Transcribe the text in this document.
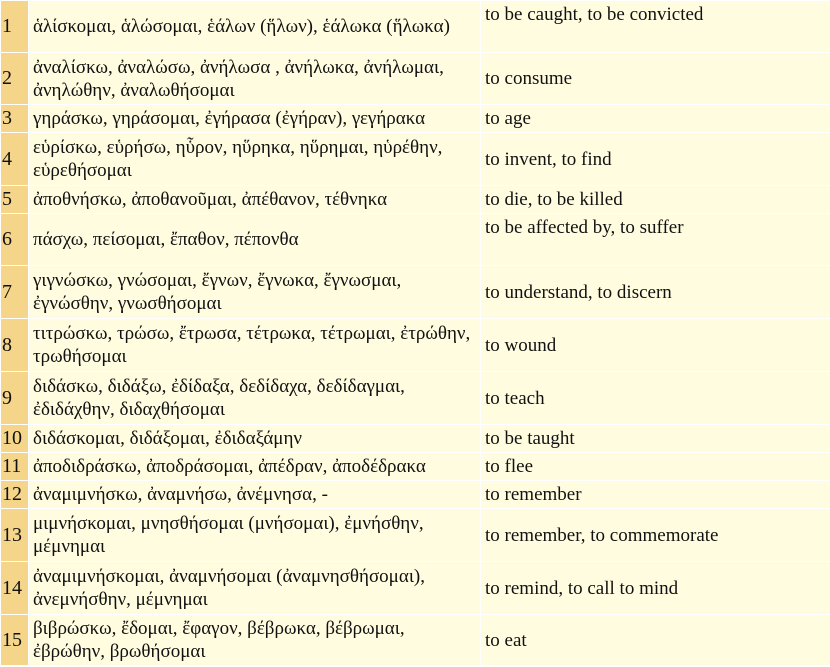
1	ἁλίσκομαι, ἁλώσομαι, ἑάλων (ἥλων), ἑάλωκα (ἥλωκα)	to be caught, to be convicted
2	ἀναλίσκω, ἀναλώσω, ἀνήλωσα , ἀνήλωκα, ἀνήλωμαι, ἀνηλώθην, ἀναλωθήσομαι	to consume
3	γηράσκω, γηράσομαι, ἐγήρασα (ἐγήραν), γεγήρακα	to age
4	εὑρίσκω, εὑρήσω, ηὗρον, ηὕρηκα, ηὕρημαι, ηὑρέθην, εὑρεθήσομαι	to invent, to find
5	ἀποθνήσκω, ἀποθανοῦμαι, ἀπέθανον, τέθνηκα	to die, to be killed
6	πάσχω, πείσομαι, ἔπαθον, πέπονθα	to be affected by, to suffer
7	γιγνώσκω, γνώσομαι, ἔγνων, ἔγνωκα, ἔγνωσμαι, ἐγνώσθην, γνωσθήσομαι	to understand, to discern
8	τιτρώσκω, τρώσω, ἔτρωσα, τέτρωκα, τέτρωμαι, ἐτρώθην, τρωθήσομαι	to wound
9	διδάσκω, διδάξω, ἐδίδαξα, δεδίδαχα, δεδίδαγμαι, ἐδιδάχθην, διδαχθήσομαι	to teach
10	διδάσκομαι, διδάξομαι, ἐδιδαξάμην	to be taught
11	ἀποδιδράσκω, ἀποδράσομαι, ἀπέδραν, ἀποδέδρακα	to flee
12	ἀναμιμνήσκω, ἀναμνήσω, ἀνέμνησα, -	to remember
13	μιμνήσκομαι, μνησθήσομαι (μνήσομαι), ἐμνήσθην, μέμνημαι	to remember, to commemorate
14	ἀναμιμνήσκομαι, ἀναμνήσομαι (ἀναμνησθήσομαι), ἀνεμνήσθην, μέμνημαι	to remind, to call to mind
15	βιβρώσκω, ἔδομαι, ἔφαγον, βέβρωκα, βέβρωμαι, ἐβρώθην, βρωθήσομαι	to eat
